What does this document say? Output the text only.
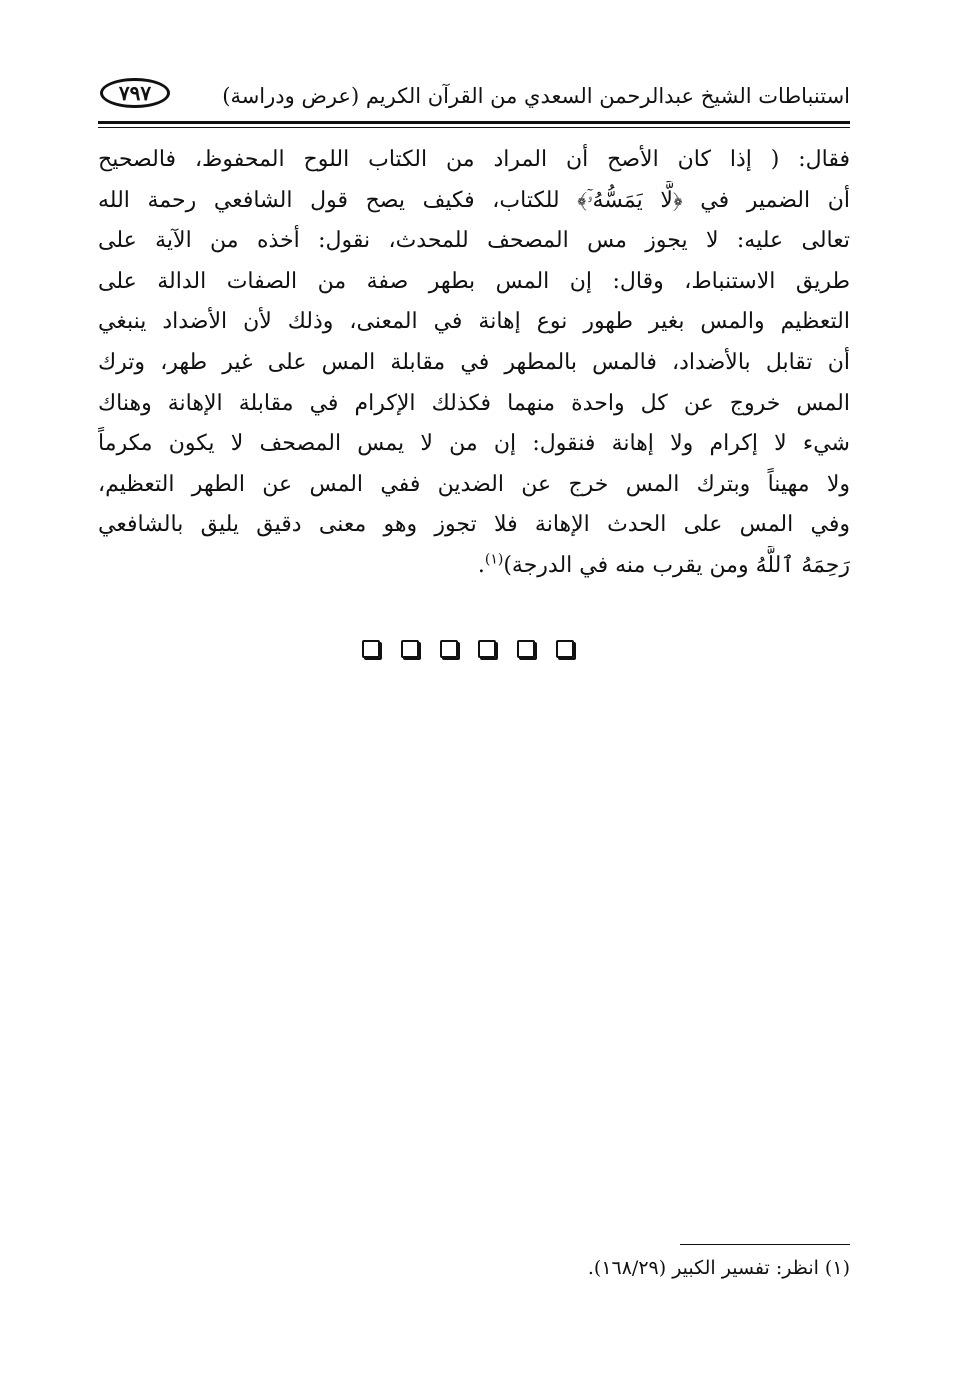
استنباطات الشيخ عبدالرحمن السعدي من القرآن الكريم (عرض ودراسة)
٧٩٧
فقال: ( إذا كان الأصح أن المراد من الكتاب اللوح المحفوظ، فالصحيح
أن الضمير في ﴿لَّا يَمَسُّهُۥٓ﴾ للكتاب، فكيف يصح قول الشافعي رحمة الله
تعالى عليه: لا يجوز مس المصحف للمحدث، نقول: أخذه من الآية على
طريق الاستنباط، وقال: إن المس بطهر صفة من الصفات الدالة على
التعظيم والمس بغير طهور نوع إهانة في المعنى، وذلك لأن الأضداد ينبغي
أن تقابل بالأضداد، فالمس بالمطهر في مقابلة المس على غير طهر، وترك
المس خروج عن كل واحدة منهما فكذلك الإكرام في مقابلة الإهانة وهناك
شيء لا إكرام ولا إهانة فنقول: إن من لا يمس المصحف لا يكون مكرماً
ولا مهيناً وبترك المس خرج عن الضدين ففي المس عن الطهر التعظيم،
وفي المس على الحدث الإهانة فلا تجوز وهو معنى دقيق يليق بالشافعي
رَحِمَهُ ٱللَّهُ ومن يقرب منه في الدرجة)$^{(١)}$.
(١) انظر: تفسير الكبير (١٦٨/٢٩).
